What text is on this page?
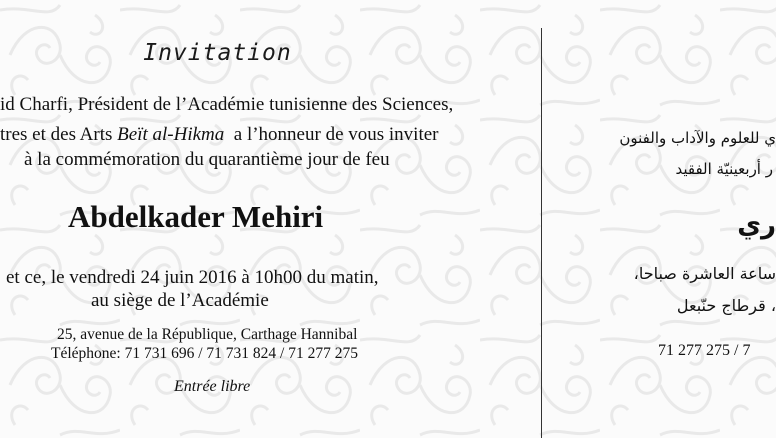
Invitation
id Charfi, Président de l’Académie tunisienne des Sciences,
tres et des Arts Beït al-Hikma  a l’honneur de vous inviter
à la commémoration du quarantième jour de feu
Abdelkader Mehiri
et ce, le vendredi 24 juin 2016 à 10h00 du matin,
au siège de l’Académie
25, avenue de la République, Carthage Hannibal
Téléphone: 71 731 696 / 71 731 824 / 71 277 275
Entrée libre
ي للعلوم والآداب والفنون
ر أربعينيّة الفقيد
ري
ساعة العاشرة صباحا،
، قرطاج حنّبعل
71 277 275 / 7
